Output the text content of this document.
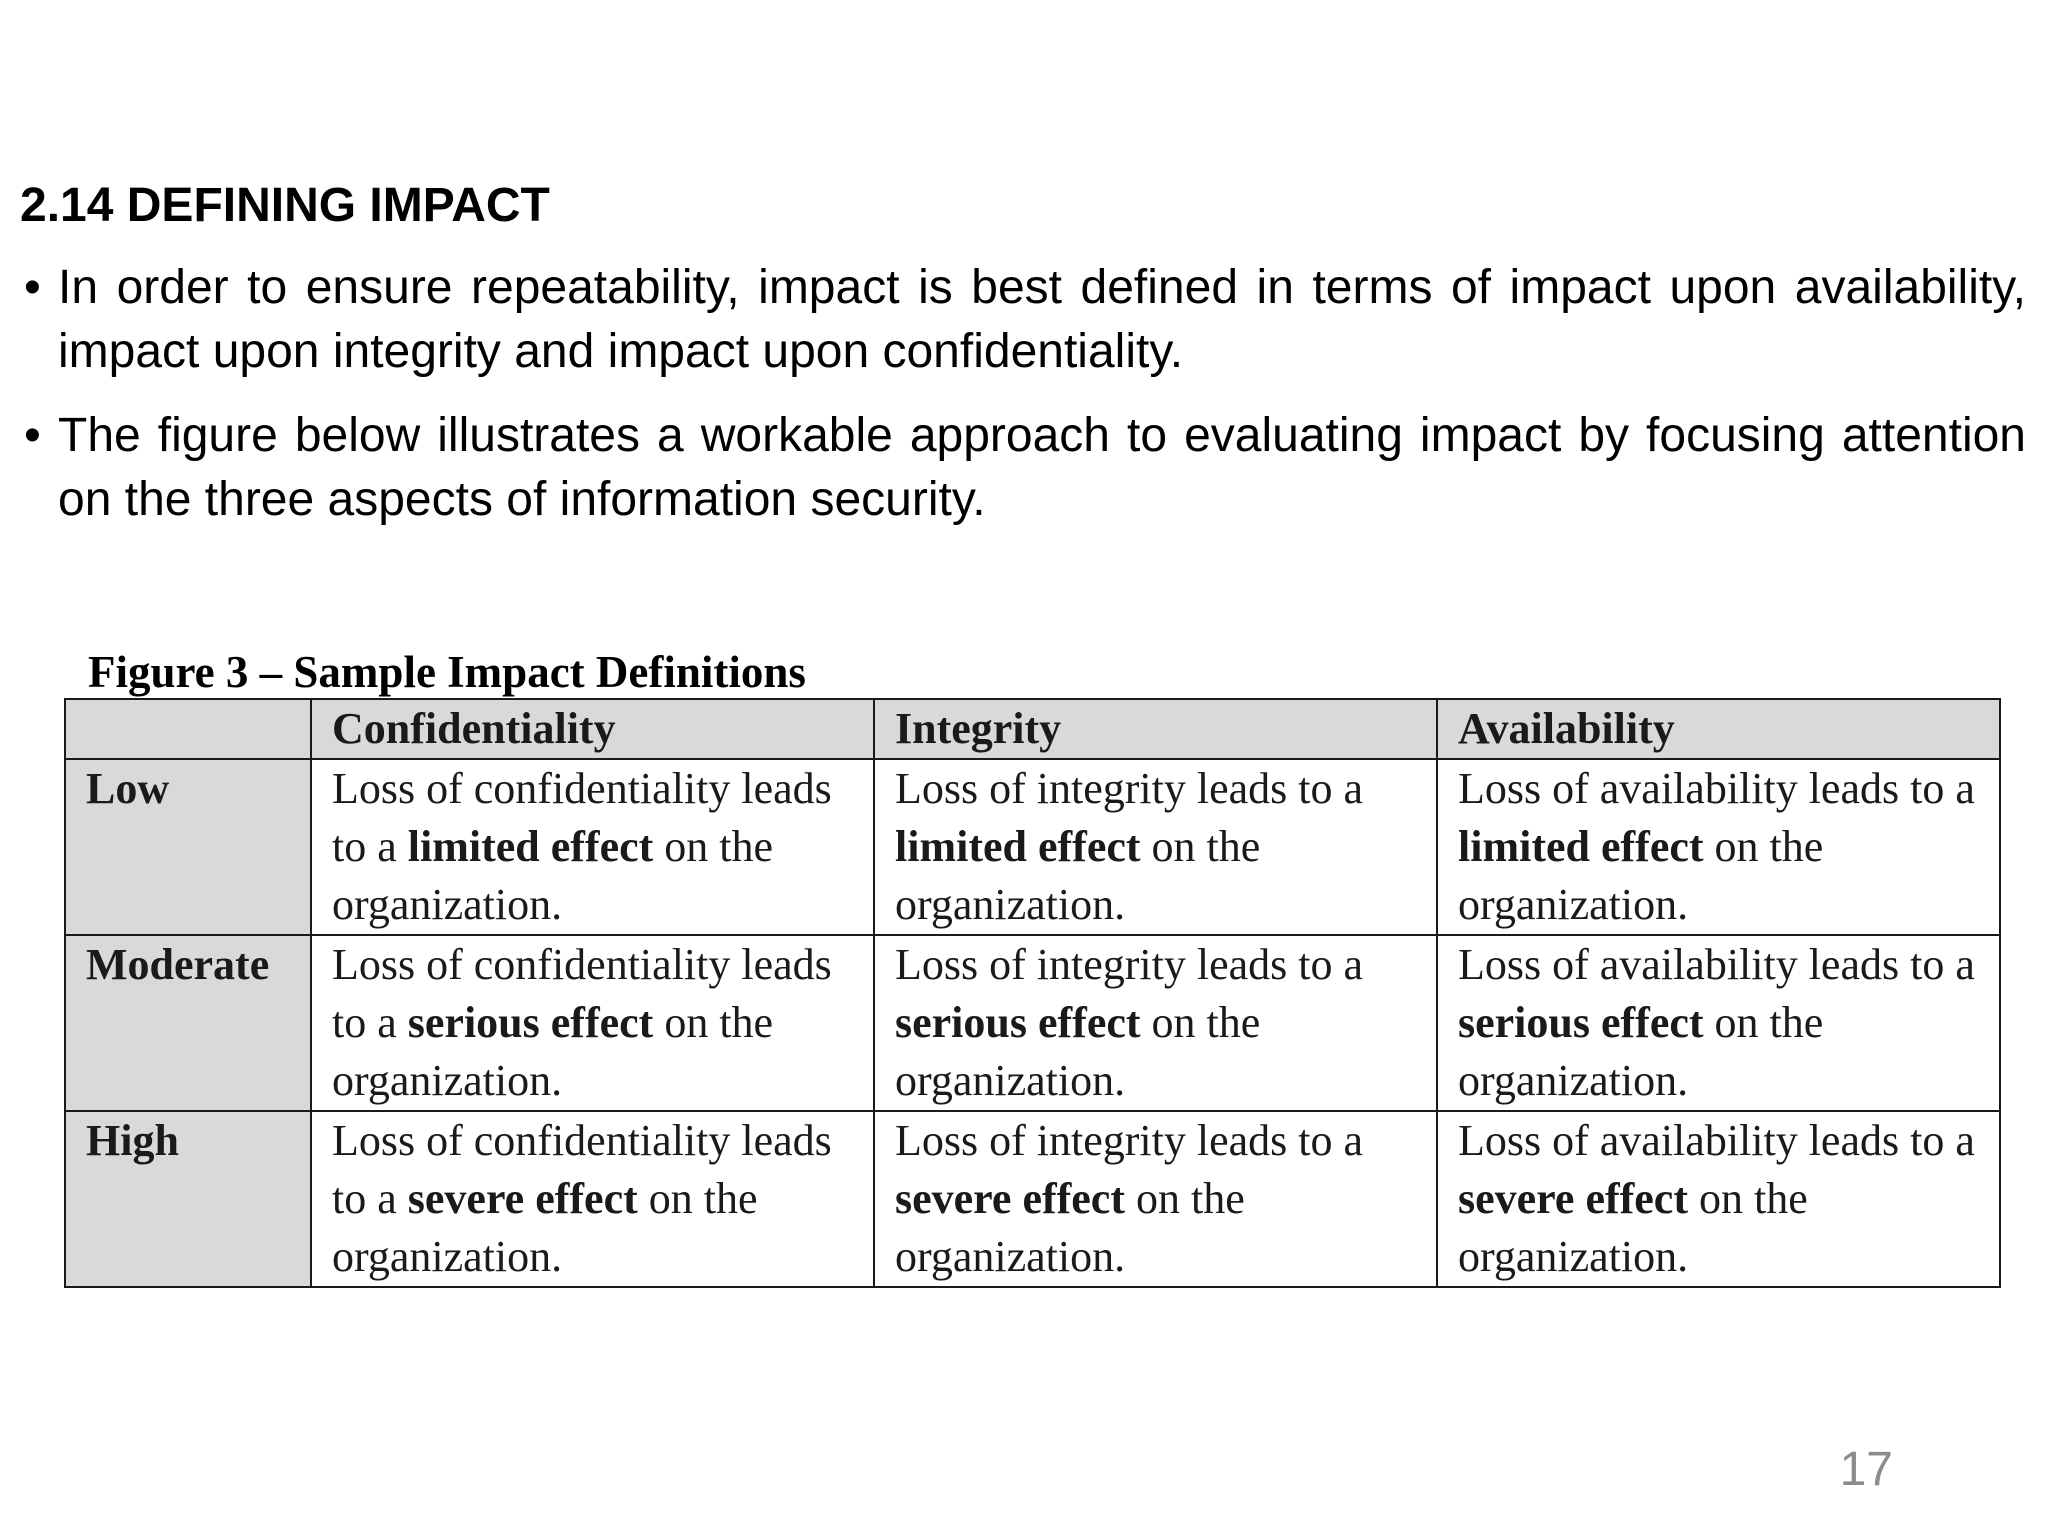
2.14 DEFINING IMPACT
• In order to ensure repeatability, impact is best defined in terms of impact upon availability, impact upon integrity and impact upon confidentiality.
• The figure below illustrates a workable approach to evaluating impact by focusing attention on the three aspects of information security.
Figure 3 – Sample Impact Definitions
	Confidentiality	Integrity	Availability
Low	Loss of confidentiality leads to a limited effect on the organization.	Loss of integrity leads to a limited effect on the organization.	Loss of availability leads to a limited effect on the organization.
Moderate	Loss of confidentiality leads to a serious effect on the organization.	Loss of integrity leads to a serious effect on the organization.	Loss of availability leads to a serious effect on the organization.
High	Loss of confidentiality leads to a severe effect on the organization.	Loss of integrity leads to a severe effect on the organization.	Loss of availability leads to a severe effect on the organization.
17
